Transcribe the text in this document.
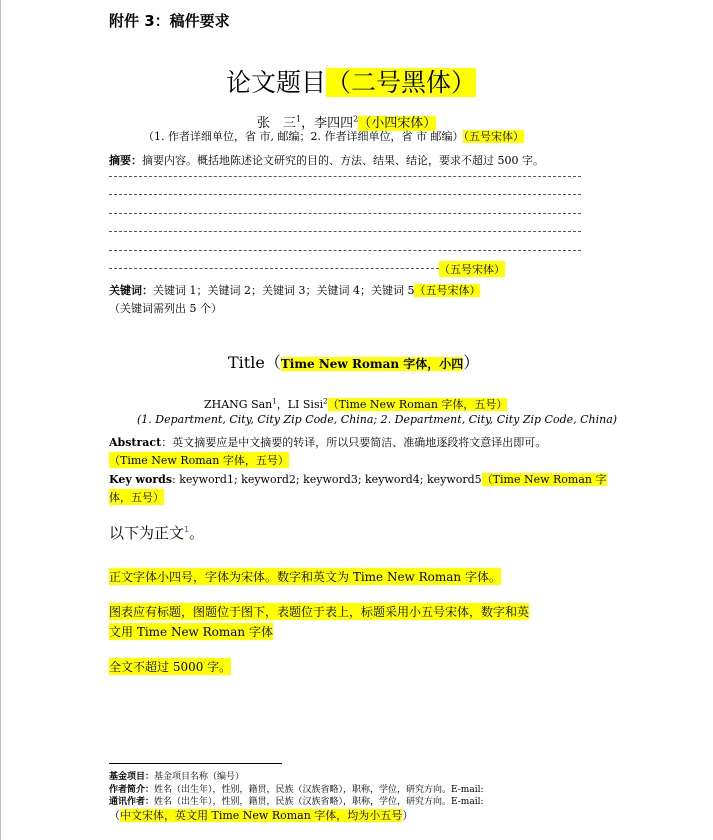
附件 3：稿件要求
论文题目（二号黑体）
张　三$^1$，李四四$^2$（小四宋体）
（1. 作者详细单位，省 市, 邮编；2. 作者详细单位，省 市 邮编）（五号宋体）
摘要：摘要内容。概括地陈述论文研究的目的、方法、结果、结论，要求不超过 500 字。
（五号宋体）
关键词：关键词 1；关键词 2；关键词 3；关键词 4；关键词 5（五号宋体）
（关键词需列出 5 个）
Title（Time New Roman 字体，小四）
ZHANG San$^1$，LI Sisi$^2$（Time New Roman 字体，五号）
(1. Department, City, City Zip Code, China; 2. Department, City, City Zip Code, China)
Abstract：英文摘要应是中文摘要的转译，所以只要简洁、准确地逐段将文意译出即可。
（Time New Roman 字体，五号）
Key words: keyword1; keyword2; keyword3; keyword4; keyword5（Time New Roman 字
体，五号）
以下为正文$^1$。
正文字体小四号，字体为宋体。数字和英文为 Time New Roman 字体。
图表应有标题，图题位于图下，表题位于表上，标题采用小五号宋体，数字和英
文用 Time New Roman 字体
全文不超过 5000 字。
基金项目：基金项目名称（编号）
作者简介：姓名（出生年），性别，籍贯，民族（汉族省略），职称，学位，研究方向。E-mail:
通讯作者：姓名（出生年），性别，籍贯，民族（汉族省略），职称，学位，研究方向。E-mail:
（中文宋体，英文用 Time New Roman 字体，均为小五号）
